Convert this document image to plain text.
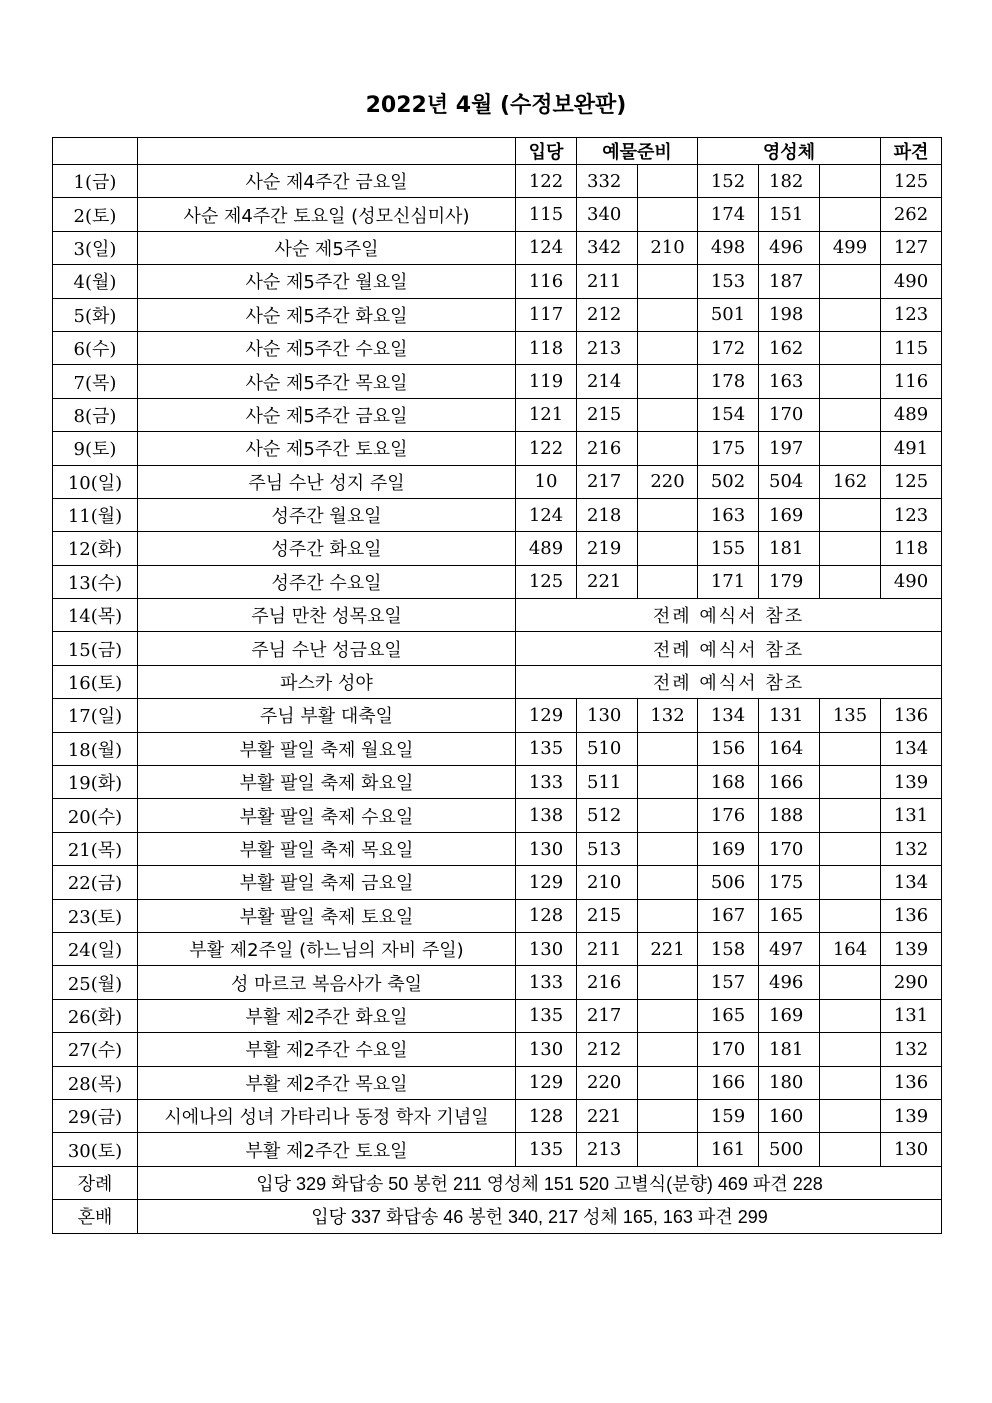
2022년 4월 (수정보완판)
		입당	예물준비		영성체			파견
1(금)	사순 제4주간 금요일	122	332		152	182		125
2(토)	사순 제4주간 토요일 (성모신심미사)	115	340		174	151		262
3(일)	사순 제5주일	124	342	210	498	496	499	127
4(월)	사순 제5주간 월요일	116	211		153	187		490
5(화)	사순 제5주간 화요일	117	212		501	198		123
6(수)	사순 제5주간 수요일	118	213		172	162		115
7(목)	사순 제5주간 목요일	119	214		178	163		116
8(금)	사순 제5주간 금요일	121	215		154	170		489
9(토)	사순 제5주간 토요일	122	216		175	197		491
10(일)	주님 수난 성지 주일	10	217	220	502	504	162	125
11(월)	성주간 월요일	124	218		163	169		123
12(화)	성주간 화요일	489	219		155	181		118
13(수)	성주간 수요일	125	221		171	179		490
14(목)	주님 만찬 성목요일	전례 예식서 참조						
15(금)	주님 수난 성금요일	전례 예식서 참조						
16(토)	파스카 성야	전례 예식서 참조						
17(일)	주님 부활 대축일	129	130	132	134	131	135	136
18(월)	부활 팔일 축제 월요일	135	510		156	164		134
19(화)	부활 팔일 축제 화요일	133	511		168	166		139
20(수)	부활 팔일 축제 수요일	138	512		176	188		131
21(목)	부활 팔일 축제 목요일	130	513		169	170		132
22(금)	부활 팔일 축제 금요일	129	210		506	175		134
23(토)	부활 팔일 축제 토요일	128	215		167	165		136
24(일)	부활 제2주일 (하느님의 자비 주일)	130	211	221	158	497	164	139
25(월)	성 마르코 복음사가 축일	133	216		157	496		290
26(화)	부활 제2주간 화요일	135	217		165	169		131
27(수)	부활 제2주간 수요일	130	212		170	181		132
28(목)	부활 제2주간 목요일	129	220		166	180		136
29(금)	시에나의 성녀 가타리나 동정 학자 기념일	128	221		159	160		139
30(토)	부활 제2주간 토요일	135	213		161	500		130
장례	입당 329 화답송 50 봉헌 211 영성체 151 520 고별식(분향) 469 파견 228							
혼배	입당 337 화답송 46 봉헌 340, 217 성체 165, 163 파견 299							
